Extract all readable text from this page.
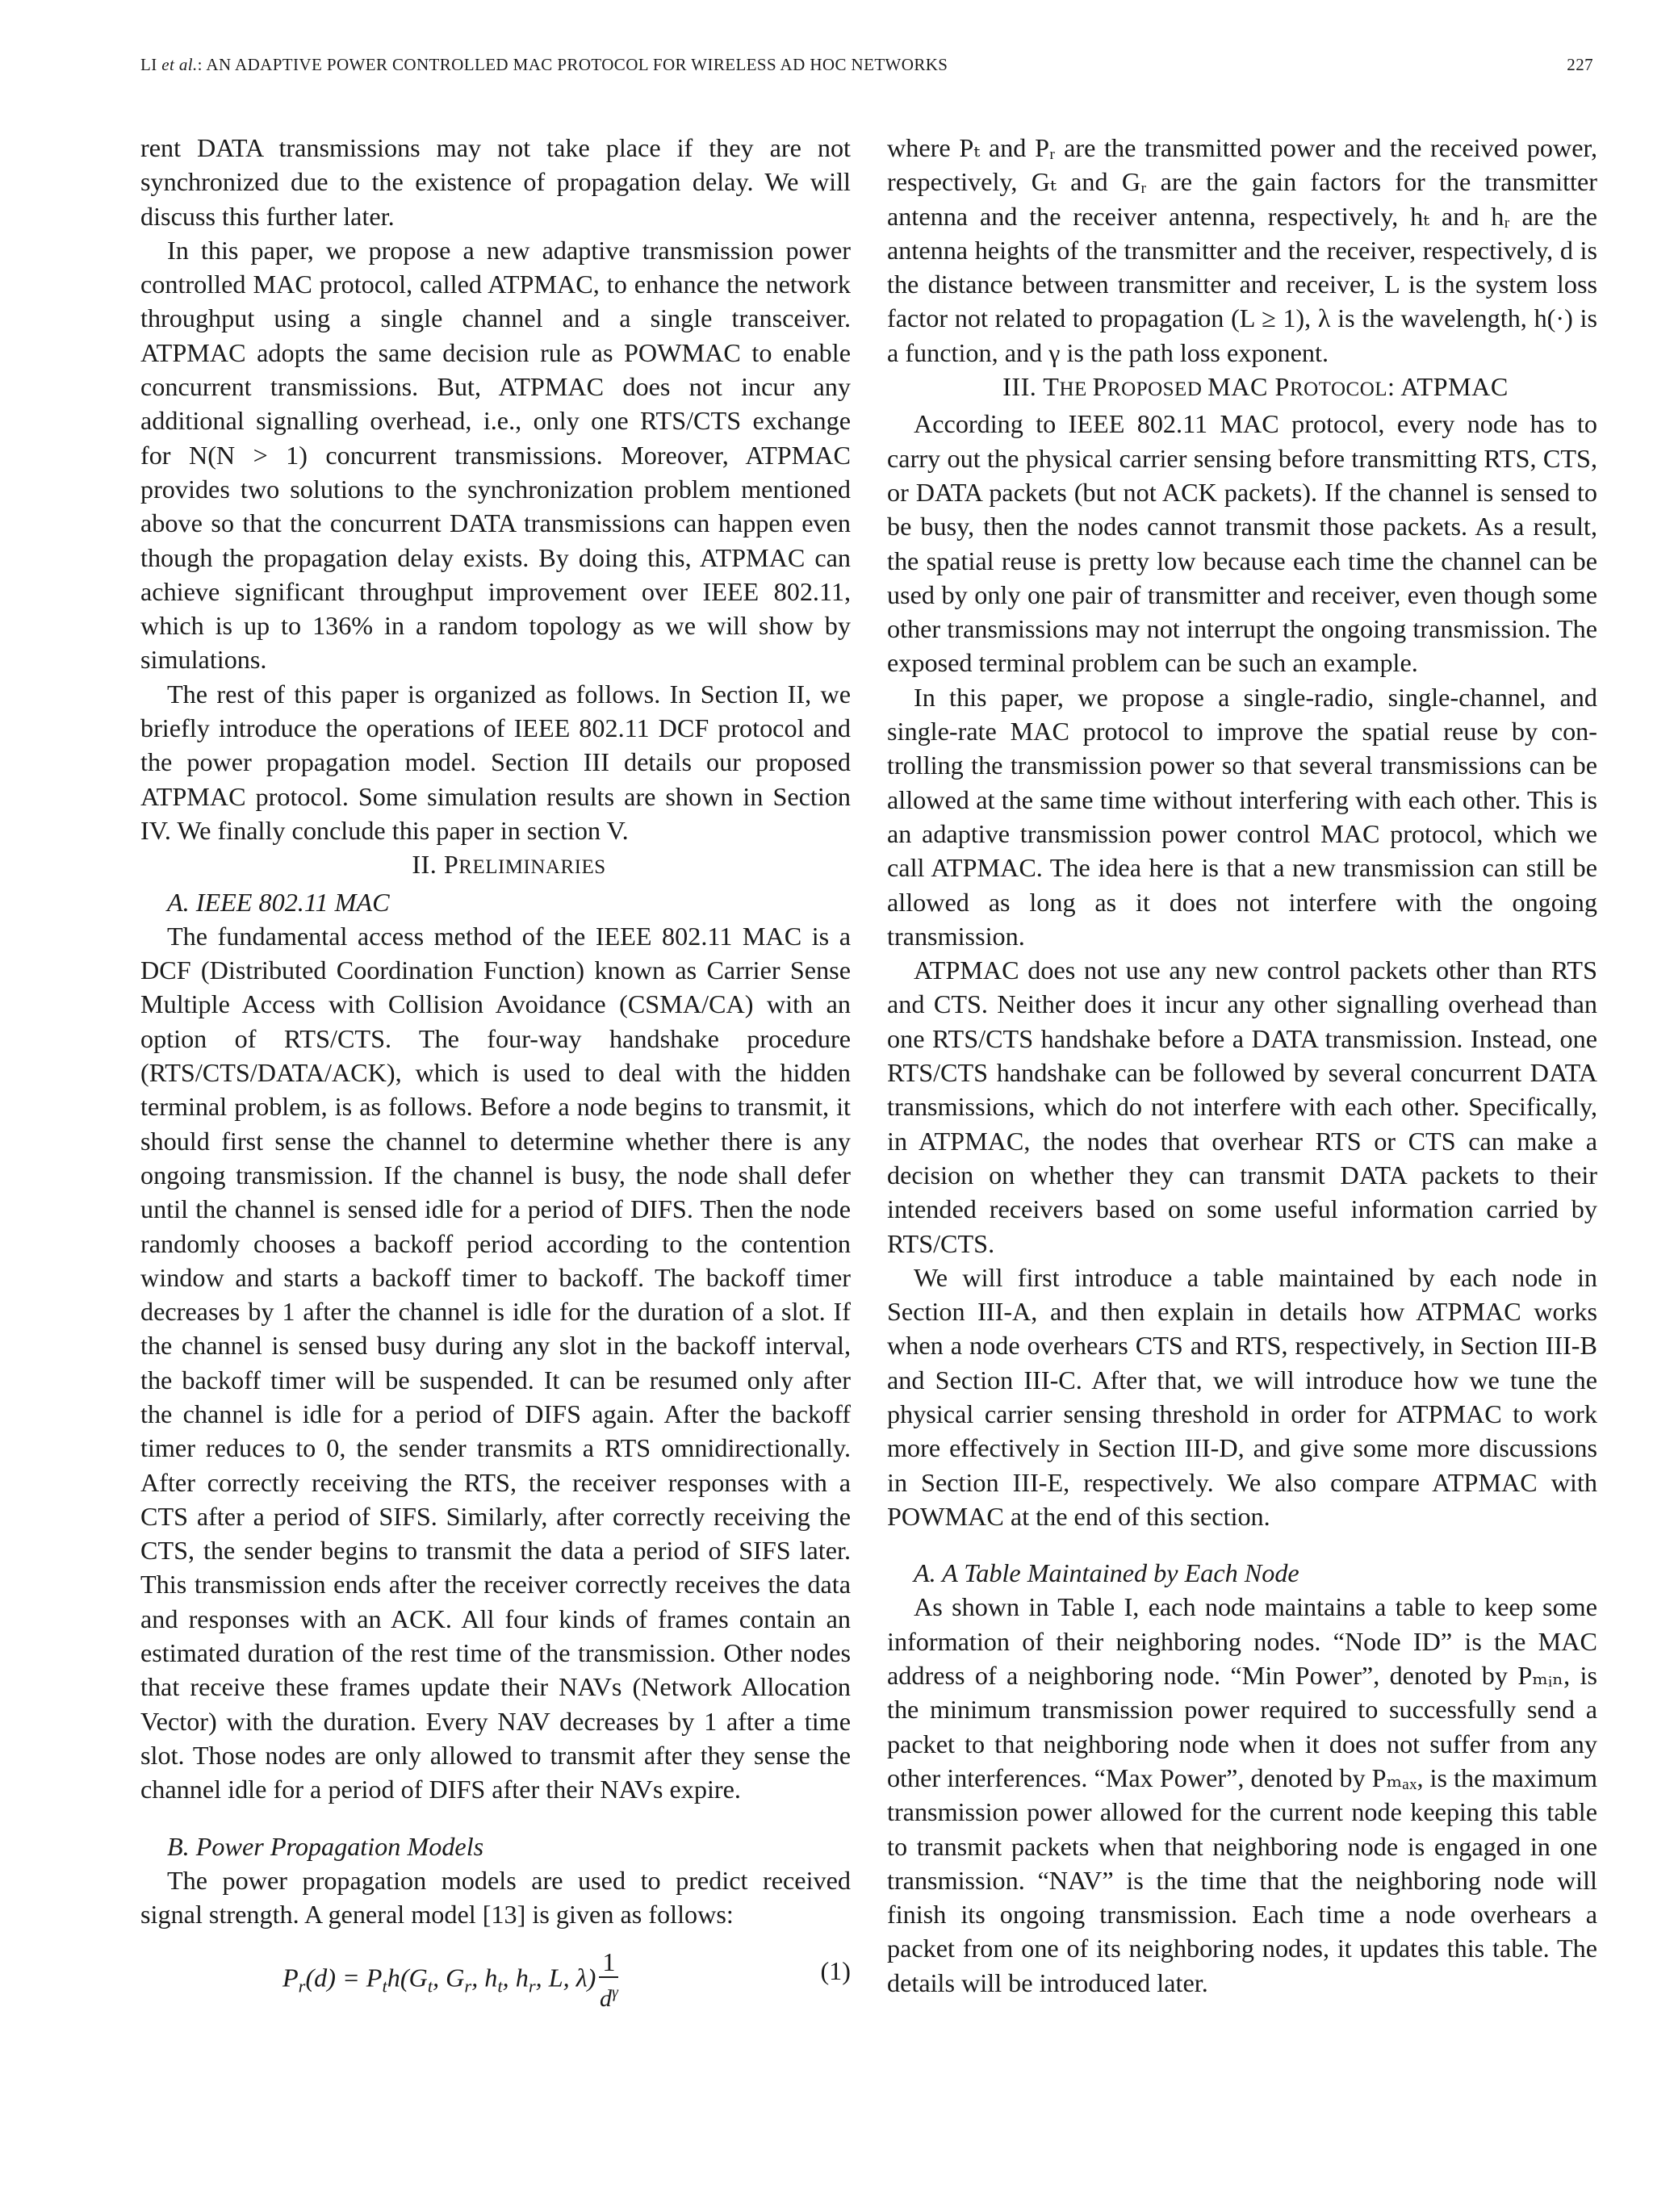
LI et al.: AN ADAPTIVE POWER CONTROLLED MAC PROTOCOL FOR WIRELESS AD HOC NETWORKS	227

rent DATA transmissions may not take place if they are not synchronized due to the existence of propagation delay. We will discuss this further later.

In this paper, we propose a new adaptive transmission power controlled MAC protocol, called ATPMAC, to enhance the network throughput using a single channel and a single transceiver. ATPMAC adopts the same decision rule as POWMAC to enable concurrent transmissions. But, ATPMAC does not incur any additional signalling overhead, i.e., only one RTS/CTS exchange for N(N > 1) concurrent transmissions. Moreover, ATPMAC provides two solutions to the synchronization problem mentioned above so that the concurrent DATA transmissions can happen even though the propagation delay exists. By doing this, ATPMAC can achieve significant throughput improvement over IEEE 802.11, which is up to 136% in a random topology as we will show by simulations.

The rest of this paper is organized as follows. In Section II, we briefly introduce the operations of IEEE 802.11 DCF protocol and the power propagation model. Section III details our proposed ATPMAC protocol. Some simulation results are shown in Section IV. We finally conclude this paper in section V.

II. PRELIMINARIES

A. IEEE 802.11 MAC

The fundamental access method of the IEEE 802.11 MAC is a DCF (Distributed Coordination Function) known as Carrier Sense Multiple Access with Collision Avoidance (CSMA/CA) with an option of RTS/CTS. The four-way handshake procedure (RTS/CTS/DATA/ACK), which is used to deal with the hidden terminal problem, is as follows. Before a node begins to transmit, it should first sense the channel to determine whether there is any ongoing transmission. If the channel is busy, the node shall defer until the channel is sensed idle for a period of DIFS. Then the node randomly chooses a backoff period according to the contention window and starts a backoff timer to backoff. The backoff timer decreases by 1 after the channel is idle for the duration of a slot. If the channel is sensed busy during any slot in the backoff interval, the backoff timer will be suspended. It can be resumed only after the channel is idle for a period of DIFS again. After the backoff timer reduces to 0, the sender transmits a RTS omnidirectionally. After correctly receiving the RTS, the receiver responses with a CTS after a period of SIFS. Similarly, after correctly receiving the CTS, the sender begins to transmit the data a period of SIFS later. This transmission ends after the receiver correctly receives the data and responses with an ACK. All four kinds of frames contain an estimated duration of the rest time of the transmission. Other nodes that receive these frames update their NAVs (Network Allocation Vector) with the duration. Every NAV decreases by 1 after a time slot. Those nodes are only allowed to transmit after they sense the channel idle for a period of DIFS after their NAVs expire.

B. Power Propagation Models

The power propagation models are used to predict received signal strength. A general model [13] is given as follows:

$P_r(d) = P_th(G_t$, $G_r$, $h_t$, $h_r$, L, $\lambda) \frac{1}{d^\gamma}$	(1)

where Pₜ and Pᵣ are the transmitted power and the received power, respectively, Gₜ and Gᵣ are the gain factors for the transmitter antenna and the receiver antenna, respectively, hₜ and hᵣ are the antenna heights of the transmitter and the receiver, respectively, d is the distance between transmitter and receiver, L is the system loss factor not related to propagation (L ≥ 1), λ is the wavelength, h(·) is a function, and γ is the path loss exponent.

III. THE PROPOSED MAC PROTOCOL: ATPMAC

According to IEEE 802.11 MAC protocol, every node has to carry out the physical carrier sensing before transmitting RTS, CTS, or DATA packets (but not ACK packets). If the channel is sensed to be busy, then the nodes cannot transmit those packets. As a result, the spatial reuse is pretty low because each time the channel can be used by only one pair of transmitter and receiver, even though some other transmissions may not interrupt the ongoing transmission. The exposed terminal problem can be such an example.

In this paper, we propose a single-radio, single-channel, and single-rate MAC protocol to improve the spatial reuse by controlling the transmission power so that several transmissions can be allowed at the same time without interfering with each other. This is an adaptive transmission power control MAC protocol, which we call ATPMAC. The idea here is that a new transmission can still be allowed as long as it does not interfere with the ongoing transmission.

ATPMAC does not use any new control packets other than RTS and CTS. Neither does it incur any other signalling overhead than one RTS/CTS handshake before a DATA transmission. Instead, one RTS/CTS handshake can be followed by several concurrent DATA transmissions, which do not interfere with each other. Specifically, in ATPMAC, the nodes that overhear RTS or CTS can make a decision on whether they can transmit DATA packets to their intended receivers based on some useful information carried by RTS/CTS.

We will first introduce a table maintained by each node in Section III-A, and then explain in details how ATPMAC works when a node overhears CTS and RTS, respectively, in Section III-B and Section III-C. After that, we will introduce how we tune the physical carrier sensing threshold in order for ATPMAC to work more effectively in Section III-D, and give some more discussions in Section III-E, respectively. We also compare ATPMAC with POWMAC at the end of this section.

A. A Table Maintained by Each Node

As shown in Table I, each node maintains a table to keep some information of their neighboring nodes. “Node ID” is the MAC address of a neighboring node. “Min Power”, denoted by Pₘᵢₙ, is the minimum transmission power required to successfully send a packet to that neighboring node when it does not suffer from any other interferences. “Max Power”, denoted by Pₘₐₓ, is the maximum transmission power allowed for the current node keeping this table to transmit packets when that neighboring node is engaged in one transmission. “NAV” is the time that the neighboring node will finish its ongoing transmission. Each time a node overhears a packet from one of its neighboring nodes, it updates this table. The details will be introduced later.
